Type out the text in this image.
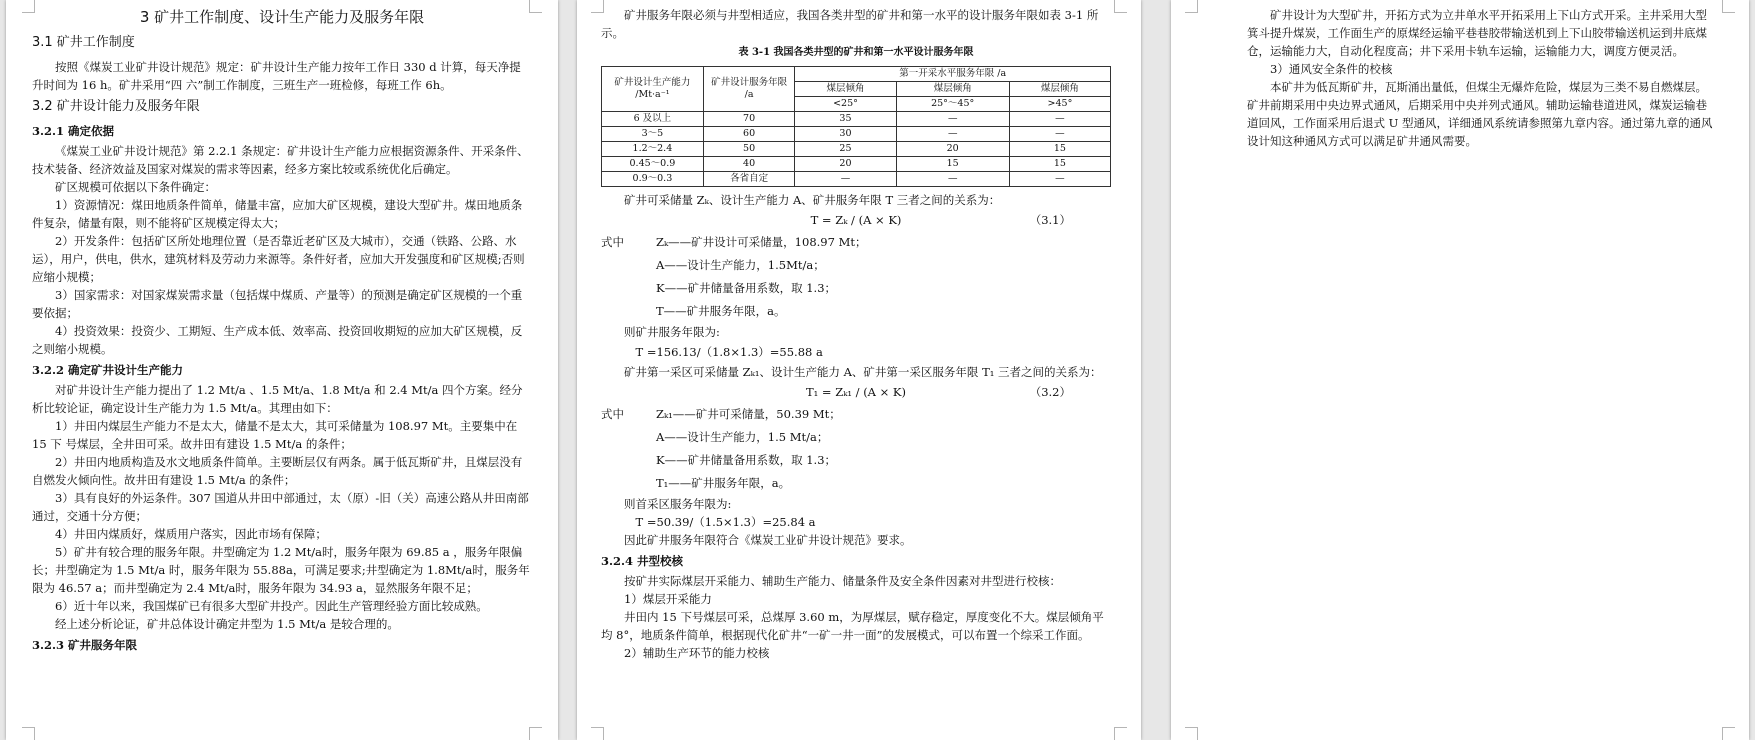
3 矿井工作制度、设计生产能力及服务年限

3.1 矿井工作制度

按照《煤炭工业矿井设计规范》规定：矿井设计生产能力按年工作日 330 d 计算，每天净提升时间为 16 h。矿井采用“四 六”制工作制度，三班生产一班检修，每班工作 6h。

3.2 矿井设计能力及服务年限

3.2.1 确定依据

《煤炭工业矿井设计规范》第 2.2.1 条规定：矿井设计生产能力应根据资源条件、开采条件、技术装备、经济效益及国家对煤炭的需求等因素，经多方案比较或系统优化后确定。

矿区规模可依据以下条件确定：

1）资源情况：煤田地质条件简单，储量丰富，应加大矿区规模，建设大型矿井。煤田地质条件复杂，储量有限，则不能将矿区规模定得太大；

2）开发条件：包括矿区所处地理位置（是否靠近老矿区及大城市），交通（铁路、公路、水运），用户，供电，供水，建筑材料及劳动力来源等。条件好者，应加大开发强度和矿区规模;否则应缩小规模；

3）国家需求：对国家煤炭需求量（包括煤中煤质、产量等）的预测是确定矿区规模的一个重要依据；

4）投资效果：投资少、工期短、生产成本低、效率高、投资回收期短的应加大矿区规模，反之则缩小规模。

3.2.2 确定矿井设计生产能力

对矿井设计生产能力提出了 1.2 Mt/a 、1.5 Mt/a、1.8 Mt/a 和 2.4 Mt/a 四个方案。经分析比较论证，确定设计生产能力为 1.5 Mt/a。其理由如下：

1）井田内煤层生产能力不是太大，储量不是太大，其可采储量为 108.97 Mt。主要集中在 15 下 号煤层，全井田可采。故井田有建设 1.5 Mt/a 的条件；

2）井田内地质构造及水文地质条件简单。主要断层仅有两条。属于低瓦斯矿井，且煤层没有自燃发火倾向性。故井田有建设 1.5 Mt/a 的条件；

3）具有良好的外运条件。307 国道从井田中部通过，太（原）-旧（关）高速公路从井田南部通过，交通十分方便；

4）井田内煤质好，煤质用户落实，因此市场有保障；

5）矿井有较合理的服务年限。井型确定为 1.2 Mt/a时，服务年限为 69.85 a ，服务年限偏长；井型确定为 1.5 Mt/a 时，服务年限为 55.88a，可满足要求;井型确定为 1.8Mt/a时，服务年限为 46.57 a；而井型确定为 2.4 Mt/a时，服务年限为 34.93 a，显然服务年限不足；

6）近十年以来，我国煤矿已有很多大型矿井投产。因此生产管理经验方面比较成熟。

经上述分析论证，矿井总体设计确定井型为 1.5 Mt/a 是较合理的。

3.2.3 矿井服务年限

矿井服务年限必须与井型相适应，我国各类井型的矿井和第一水平的设计服务年限如表 3-1 所示。

表 3-1 我国各类井型的矿井和第一水平设计服务年限

矿井设计生产能力 /Mt·a⁻¹	矿井设计服务年限 /a	第一开采水平服务年限 /a		
		煤层倾角	煤层倾角	煤层倾角
		<25°	25°～45°	>45°
6 及以上	70	35	—	—
3～5	60	30	—	—
1.2～2.4	50	25	20	15
0.45～0.9	40	20	15	15
0.9～0.3	各省自定	—	—	—

矿井可采储量 Zₖ、设计生产能力 A、矿井服务年限 T 三者之间的关系为：

T = Zₖ / (A × K)	（3.1）
式中	Zₖ——矿井设计可采储量，108.97 Mt；
A——设计生产能力，1.5Mt/a；
K——矿井储量备用系数，取 1.3；
T——矿井服务年限，a。

则矿井服务年限为:

T =156.13/（1.8×1.3）=55.88 a

矿井第一采区可采储量 Zₖ₁、设计生产能力 A、矿井第一采区服务年限 T₁ 三者之间的关系为：

T₁ = Zₖ₁ / (A × K)	（3.2）
式中	Zₖ₁——矿井可采储量，50.39 Mt；
A——设计生产能力，1.5 Mt/a；
K——矿井储量备用系数，取 1.3；
T₁——矿井服务年限，a。

则首采区服务年限为:

T =50.39/（1.5×1.3）=25.84 a

因此矿井服务年限符合《煤炭工业矿井设计规范》要求。

3.2.4 井型校核

按矿井实际煤层开采能力、辅助生产能力、储量条件及安全条件因素对井型进行校核：

1）煤层开采能力

井田内 15 下号煤层可采，总煤厚 3.60 m，为厚煤层，赋存稳定，厚度变化不大。煤层倾角平均 8°，地质条件简单，根据现代化矿井“一矿一井一面”的发展模式，可以布置一个综采工作面。

2）辅助生产环节的能力校核

矿井设计为大型矿井，开拓方式为立井单水平开拓采用上下山方式开采。主井采用大型箕斗提升煤炭，工作面生产的原煤经运输平巷巷胶带输送机到上下山胶带输送机运到井底煤仓，运输能力大，自动化程度高；井下采用卡轨车运输，运输能力大，调度方便灵活。

3）通风安全条件的校核

本矿井为低瓦斯矿井，瓦斯涌出量低，但煤尘无爆炸危险，煤层为三类不易自燃煤层。矿井前期采用中央边界式通风，后期采用中央并列式通风。辅助运输巷道进风，煤炭运输巷道回风，工作面采用后退式 U 型通风，详细通风系统请参照第九章内容。通过第九章的通风设计知这种通风方式可以满足矿井通风需要。
